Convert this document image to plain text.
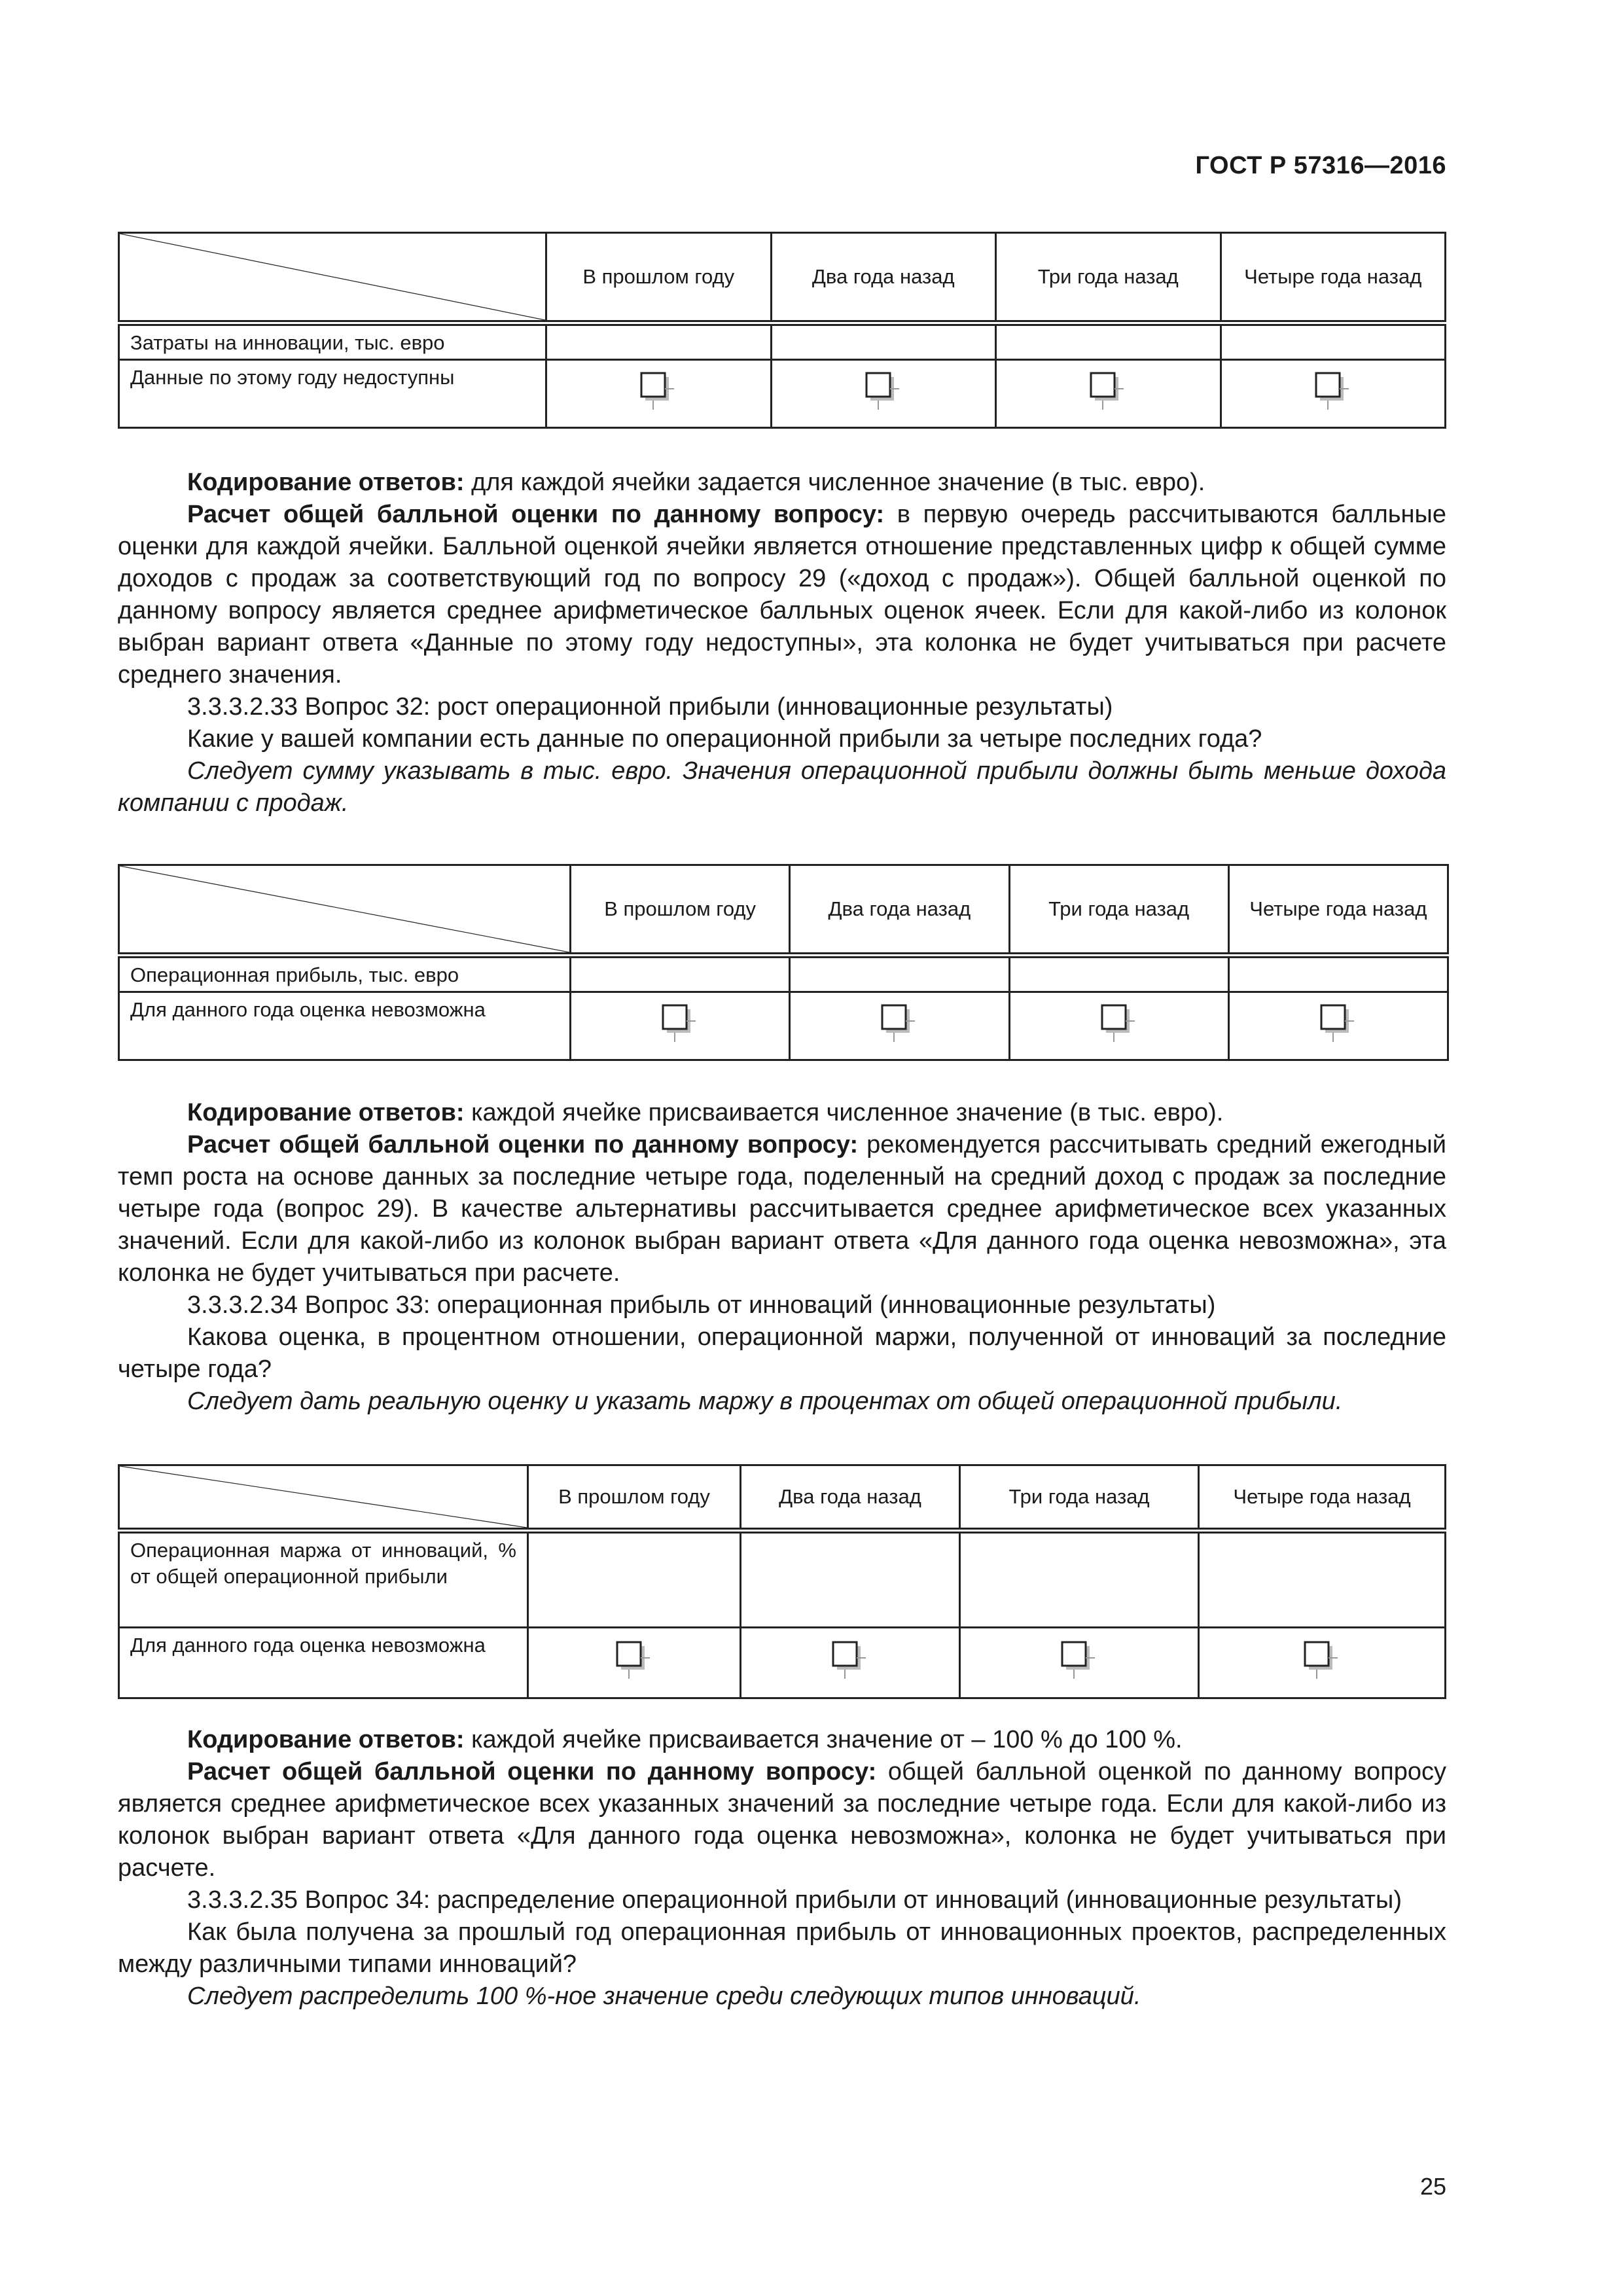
ГОСТ Р 57316—2016
	В прошлом году	Два года назад	Три года назад	Четыре года назад
Затраты на инновации, тыс. евро				
Данные по этому году недоступны	

Кодирование ответов: для каждой ячейки задается численное значение (в тыс. евро).

Расчет общей балльной оценки по данному вопросу: в первую очередь рассчитываются балльные оценки для каждой ячейки. Балльной оценкой ячейки является отношение представленных цифр к общей сумме доходов с продаж за соответствующий год по вопросу 29 («доход с продаж»). Общей балльной оценкой по данному вопросу является среднее арифметическое балльных оценок ячеек. Если для какой-либо из колонок выбран вариант ответа «Данные по этому году недоступны», эта колонка не будет учитываться при расчете среднего значения.

3.3.3.2.33 Вопрос 32: рост операционной прибыли (инновационные результаты)

Какие у вашей компании есть данные по операционной прибыли за четыре последних года?

Следует сумму указывать в тыс. евро. Значения операционной прибыли должны быть меньше дохода компании с продаж.

	В прошлом году	Два года назад	Три года назад	Четыре года назад
Операционная прибыль, тыс. евро				
Для данного года оценка невозможна	

Кодирование ответов: каждой ячейке присваивается численное значение (в тыс. евро).

Расчет общей балльной оценки по данному вопросу: рекомендуется рассчитывать средний ежегодный темп роста на основе данных за последние четыре года, поделенный на средний доход с продаж за последние четыре года (вопрос 29). В качестве альтернативы рассчитывается среднее арифметическое всех указанных значений. Если для какой-либо из колонок выбран вариант ответа «Для данного года оценка невозможна», эта колонка не будет учитываться при расчете.

3.3.3.2.34 Вопрос 33: операционная прибыль от инноваций (инновационные результаты)

Какова оценка, в процентном отношении, операционной маржи, полученной от инноваций за последние четыре года?

Следует дать реальную оценку и указать маржу в процентах от общей операционной прибыли.

	В прошлом году	Два года назад	Три года назад	Четыре года назад
Операционная маржа от инноваций, % от общей операционной прибыли				
Для данного года оценка невозможна	

Кодирование ответов: каждой ячейке присваивается значение от – 100 % до 100 %.

Расчет общей балльной оценки по данному вопросу: общей балльной оценкой по данному вопросу является среднее арифметическое всех указанных значений за последние четыре года. Если для какой-либо из колонок выбран вариант ответа «Для данного года оценка невозможна», колонка не будет учитываться при расчете.

3.3.3.2.35 Вопрос 34: распределение операционной прибыли от инноваций (инновационные результаты)

Как была получена за прошлый год операционная прибыль от инновационных проектов, распределенных между различными типами инноваций?

Следует распределить 100 %-ное значение среди следующих типов инноваций.

25
